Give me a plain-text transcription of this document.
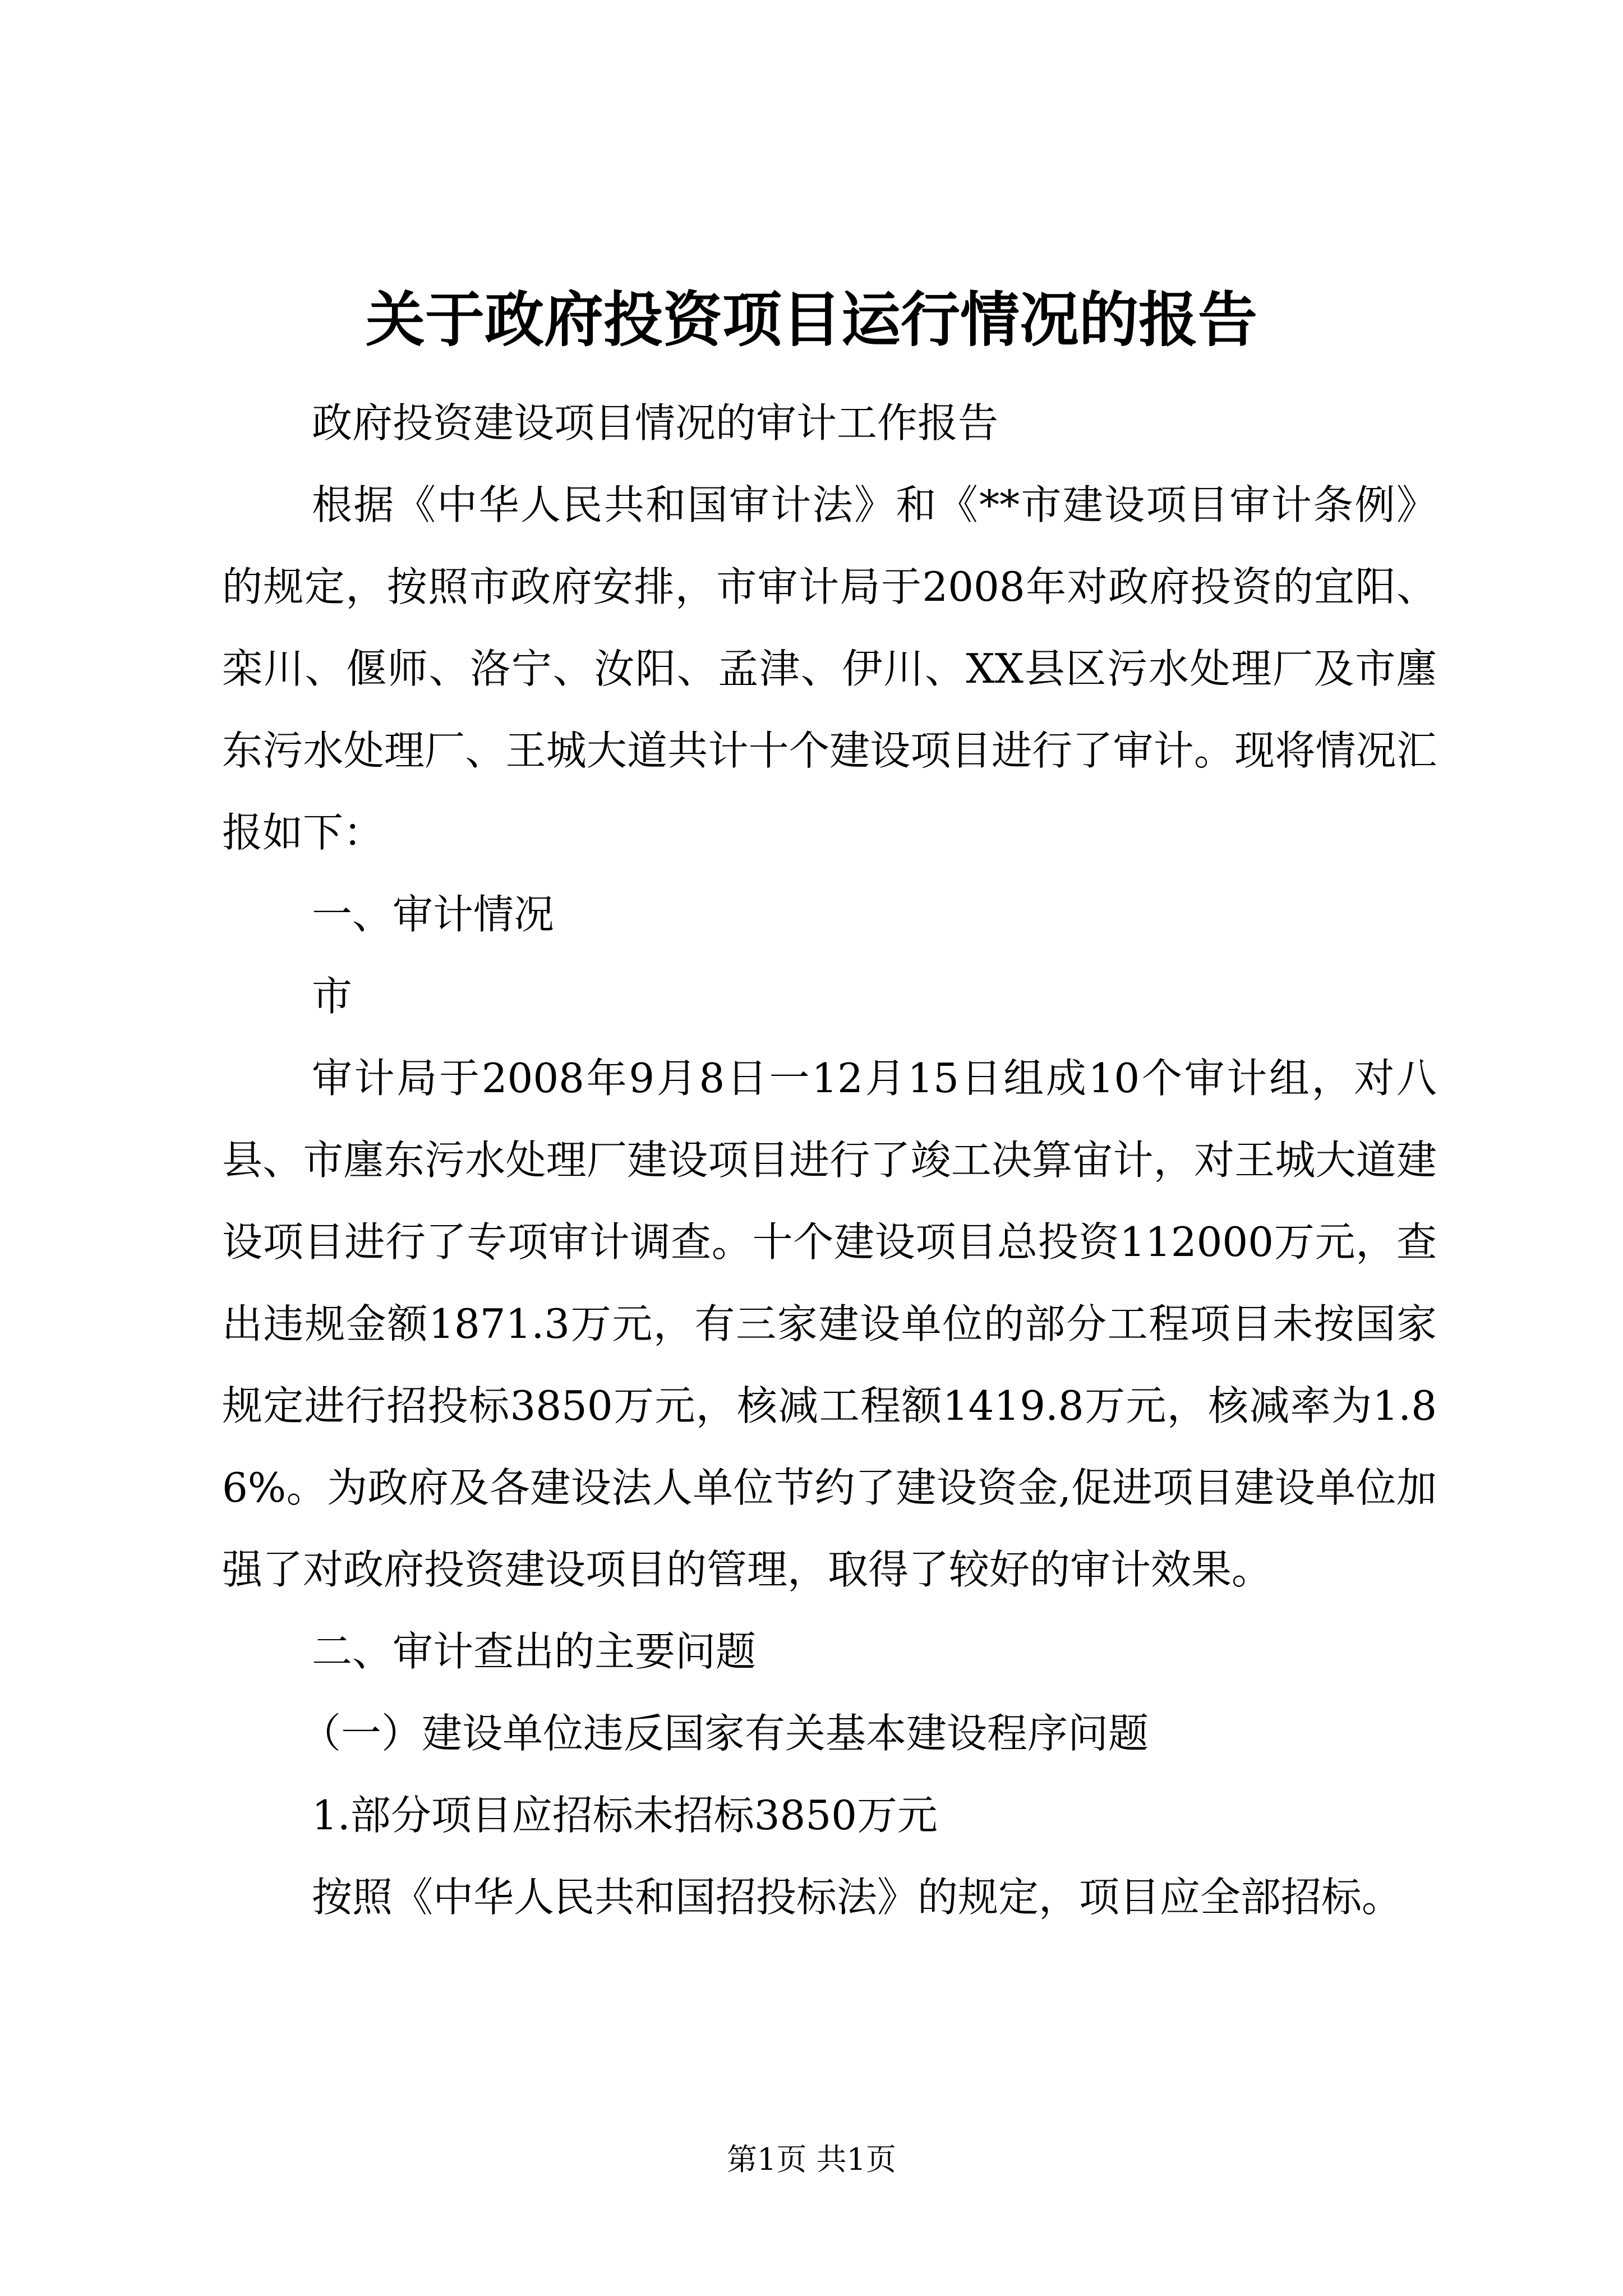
关于政府投资项目运行情况的报告

政府投资建设项目情况的审计工作报告

根据《中华人民共和国审计法》和《**市建设项目审计条例》的规定，按照市政府安排，市审计局于2008年对政府投资的宜阳、栾川、偃师、洛宁、汝阳、孟津、伊川、XX县区污水处理厂及市廛东污水处理厂、王城大道共计十个建设项目进行了审计。现将情况汇报如下：

一、审计情况

市

审计局于2008年9月8日一12月15日组成10个审计组，对八县、市廛东污水处理厂建设项目进行了竣工决算宙计，对王城大道建设项目进行了专项审计调查。十个建设项目总投资112000万元，查出违规金额1871.3万元，有三家建设单位的部分工程项目未按国家规定进行招投标3850万元，核减工程额1419.8万元，核减率为1.86%。为政府及各建设法人单位节约了建设资金,促进项目建设单位加强了对政府投资建设项目的管理，取得了较好的审计效果。

二、审计查出的主要问题

（一）建设单位违反国家有关基本建设程序问题

1.部分项目应招标未招标3850万元

按照《中华人民共和国招投标法》的规定，项目应全部招标。

第1页 共1页
